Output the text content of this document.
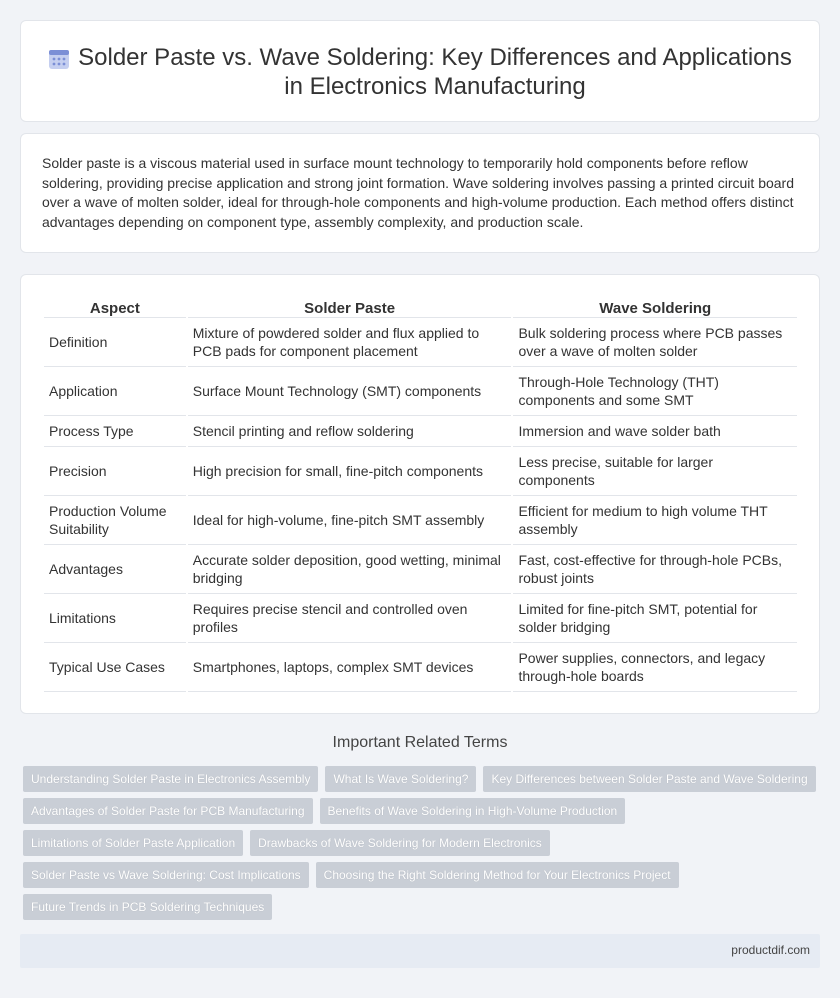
Solder Paste vs. Wave Soldering: Key Differences and Applications in Electronics Manufacturing

Solder paste is a viscous material used in surface mount technology to temporarily hold components before reflow soldering, providing precise application and strong joint formation. Wave soldering involves passing a printed circuit board over a wave of molten solder, ideal for through-hole components and high-volume production. Each method offers distinct advantages depending on component type, assembly complexity, and production scale.

Aspect	Solder Paste	Wave Soldering
Definition	Mixture of powdered solder and flux applied to PCB pads for component placement	Bulk soldering process where PCB passes over a wave of molten solder
Application	Surface Mount Technology (SMT) components	Through-Hole Technology (THT) components and some SMT
Process Type	Stencil printing and reflow soldering	Immersion and wave solder bath
Precision	High precision for small, fine-pitch components	Less precise, suitable for larger components
Production Volume Suitability	Ideal for high-volume, fine-pitch SMT assembly	Efficient for medium to high volume THT assembly
Advantages	Accurate solder deposition, good wetting, minimal bridging	Fast, cost-effective for through-hole PCBs, robust joints
Limitations	Requires precise stencil and controlled oven profiles	Limited for fine-pitch SMT, potential for solder bridging
Typical Use Cases	Smartphones, laptops, complex SMT devices	Power supplies, connectors, and legacy through-hole boards
Important Related Terms
Understanding Solder Paste in Electronics Assembly	What Is Wave Soldering?	Key Differences between Solder Paste and Wave Soldering
Advantages of Solder Paste for PCB Manufacturing	Benefits of Wave Soldering in High-Volume Production
Limitations of Solder Paste Application	Drawbacks of Wave Soldering for Modern Electronics
Solder Paste vs Wave Soldering: Cost Implications	Choosing the Right Soldering Method for Your Electronics Project
Future Trends in PCB Soldering Techniques
productdif.com
